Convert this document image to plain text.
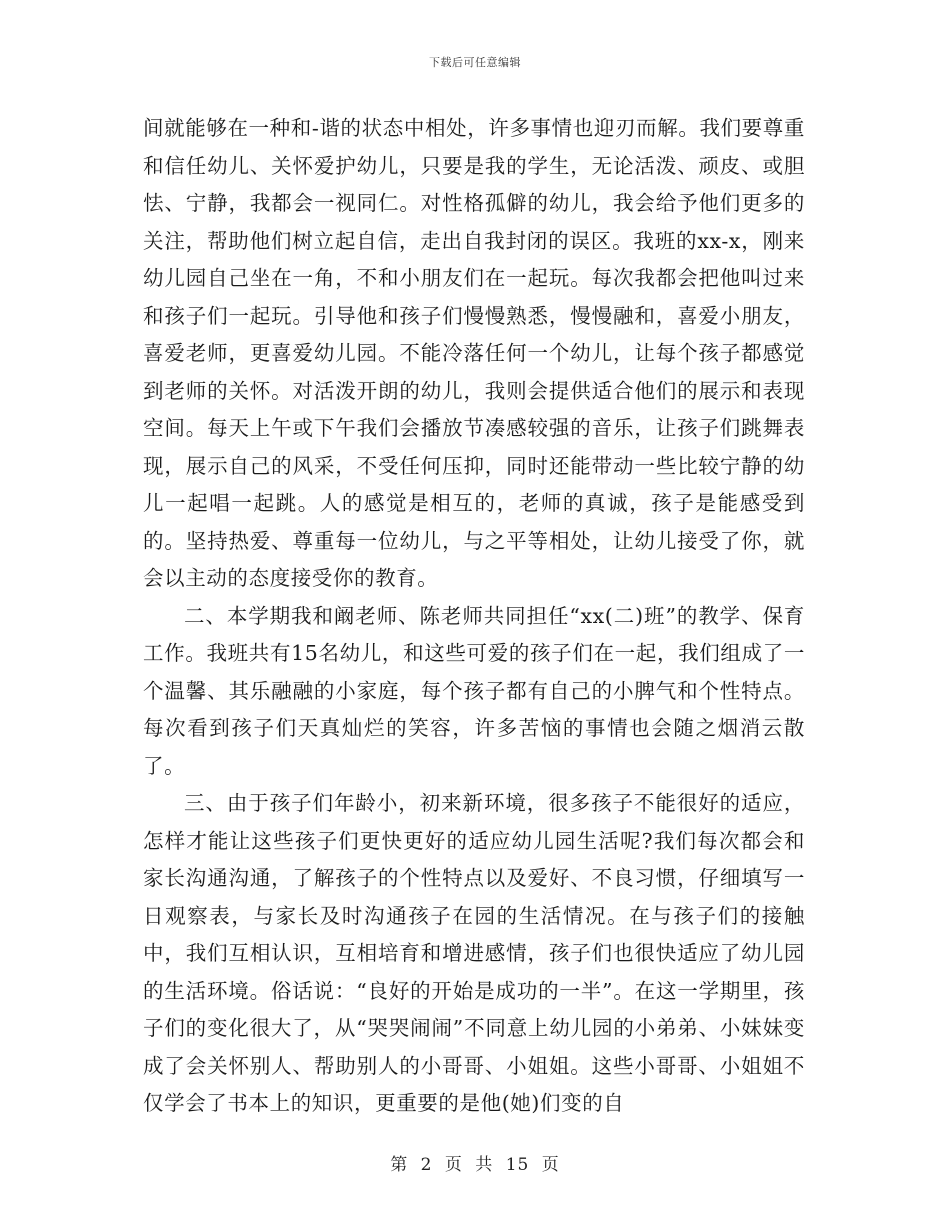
下载后可任意编辑

间就能够在一种和-谐的状态中相处，许多事情也迎刃而解。我们要尊重和信任幼儿、关怀爱护幼儿，只要是我的学生，无论活泼、顽皮、或胆怯、宁静，我都会一视同仁。对性格孤僻的幼儿，我会给予他们更多的关注，帮助他们树立起自信，走出自我封闭的误区。我班的xx-x，刚来幼儿园自己坐在一角，不和小朋友们在一起玩。每次我都会把他叫过来和孩子们一起玩。引导他和孩子们慢慢熟悉，慢慢融和，喜爱小朋友，喜爱老师，更喜爱幼儿园。不能冷落任何一个幼儿，让每个孩子都感觉到老师的关怀。对活泼开朗的幼儿，我则会提供适合他们的展示和表现空间。每天上午或下午我们会播放节凑感较强的音乐，让孩子们跳舞表现，展示自己的风采，不受任何压抑，同时还能带动一些比较宁静的幼儿一起唱一起跳。人的感觉是相互的，老师的真诚，孩子是能感受到的。坚持热爱、尊重每一位幼儿，与之平等相处，让幼儿接受了你，就会以主动的态度接受你的教育。

二、本学期我和阚老师、陈老师共同担任“xx(二)班”的教学、保育工作。我班共有15名幼儿，和这些可爱的孩子们在一起，我们组成了一个温馨、其乐融融的小家庭，每个孩子都有自己的小脾气和个性特点。每次看到孩子们天真灿烂的笑容，许多苦恼的事情也会随之烟消云散了。

三、由于孩子们年龄小，初来新环境，很多孩子不能很好的适应，怎样才能让这些孩子们更快更好的适应幼儿园生活呢?我们每次都会和家长沟通沟通，了解孩子的个性特点以及爱好、不良习惯，仔细填写一日观察表，与家长及时沟通孩子在园的生活情况。在与孩子们的接触中，我们互相认识，互相培育和增进感情，孩子们也很快适应了幼儿园的生活环境。俗话说：“良好的开始是成功的一半”。在这一学期里，孩子们的变化很大了，从“哭哭闹闹”不同意上幼儿园的小弟弟、小妹妹变成了会关怀别人、帮助别人的小哥哥、小姐姐。这些小哥哥、小姐姐不仅学会了书本上的知识，更重要的是他(她)们变的自

第 2 页 共 15 页
